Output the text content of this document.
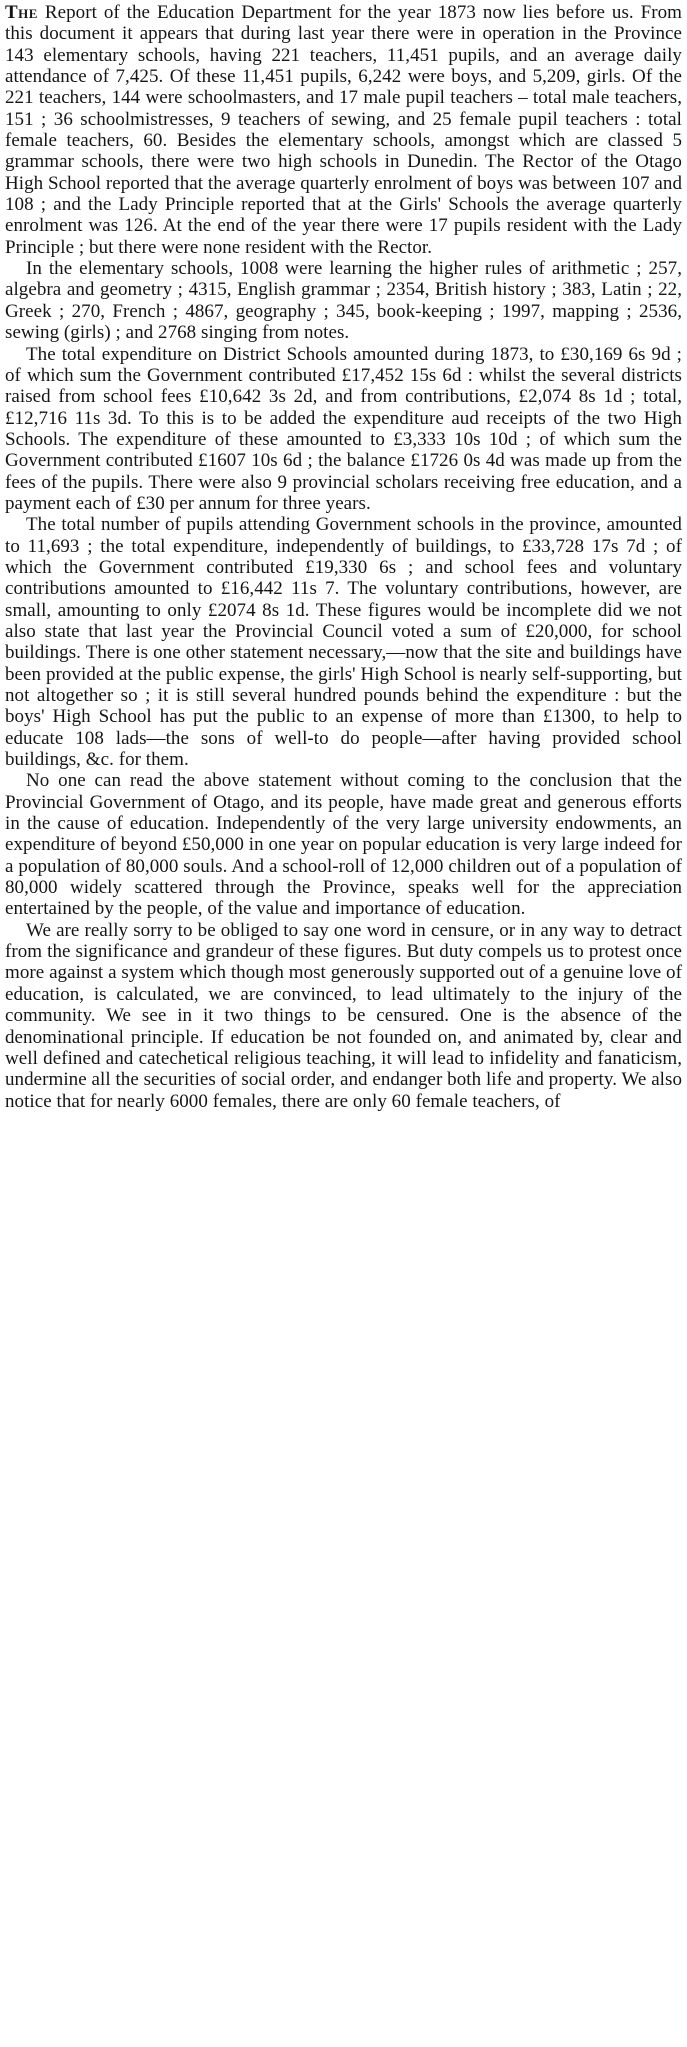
The Report of the Education Department for the year 1873 now lies before us. From this document it appears that during last year there were in operation in the Province 143 elementary schools, having 221 teachers, 11,451 pupils, and an average daily attendance of 7,425. Of these 11,451 pupils, 6,242 were boys, and 5,209, girls. Of the 221 teachers, 144 were schoolmasters, and 17 male pupil teachers – total male teachers, 151 ; 36 schoolmistresses, 9 teachers of sewing, and 25 female pupil teachers : total female teachers, 60. Besides the elementary schools, amongst which are classed 5 grammar schools, there were two high schools in Dunedin. The Rector of the Otago High School reported that the average quarterly enrolment of boys was between 107 and 108 ; and the Lady Principle reported that at the Girls' Schools the average quarterly enrolment was 126. At the end of the year there were 17 pupils resident with the Lady Principle ; but there were none resident with the Rector.

In the elementary schools, 1008 were learning the higher rules of arithmetic ; 257, algebra and geometry ; 4315, English grammar ; 2354, British history ; 383, Latin ; 22, Greek ; 270, French ; 4867, geography ; 345, book-keeping ; 1997, mapping ; 2536, sewing (girls) ; and 2768 singing from notes.

The total expenditure on District Schools amounted during 1873, to £30,169 6s 9d ; of which sum the Government contributed £17,452 15s 6d : whilst the several districts raised from school fees £10,642 3s 2d, and from contributions, £2,074 8s 1d ; total, £12,716 11s 3d. To this is to be added the expenditure aud receipts of the two High Schools. The expenditure of these amounted to £3,333 10s 10d ; of which sum the Government contributed £1607 10s 6d ; the balance £1726 0s 4d was made up from the fees of the pupils. There were also 9 provincial scholars receiving free education, and a payment each of £30 per annum for three years.

The total number of pupils attending Government schools in the province, amounted to 11,693 ; the total expenditure, independently of buildings, to £33,728 17s 7d ; of which the Government contributed £19,330 6s ; and school fees and voluntary contributions amounted to £16,442 11s 7. The voluntary contributions, however, are small, amounting to only £2074 8s 1d. These figures would be incomplete did we not also state that last year the Provincial Council voted a sum of £20,000, for school buildings. There is one other statement necessary,—now that the site and buildings have been provided at the public expense, the girls' High School is nearly self-supporting, but not altogether so ; it is still several hundred pounds behind the expenditure : but the boys' High School has put the public to an expense of more than £1300, to help to educate 108 lads—the sons of well-to do people—after having provided school buildings, &c. for them.

No one can read the above statement without coming to the conclusion that the Provincial Government of Otago, and its people, have made great and generous efforts in the cause of education. Independently of the very large university endowments, an expenditure of beyond £50,000 in one year on popular education is very large indeed for a population of 80,000 souls. And a school-roll of 12,000 children out of a population of 80,000 widely scattered through the Province, speaks well for the appreciation entertained by the people, of the value and importance of education.

We are really sorry to be obliged to say one word in censure, or in any way to detract from the significance and grandeur of these figures. But duty compels us to protest once more against a system which though most generously supported out of a genuine love of education, is calculated, we are convinced, to lead ultimately to the injury of the community. We see in it two things to be censured. One is the absence of the denominational principle. If education be not founded on, and animated by, clear and well defined and catechetical religious teaching, it will lead to infidelity and fanaticism, undermine all the securities of social order, and endanger both life and property. We also notice that for nearly 6000 females, there are only 60 female teachers, of
